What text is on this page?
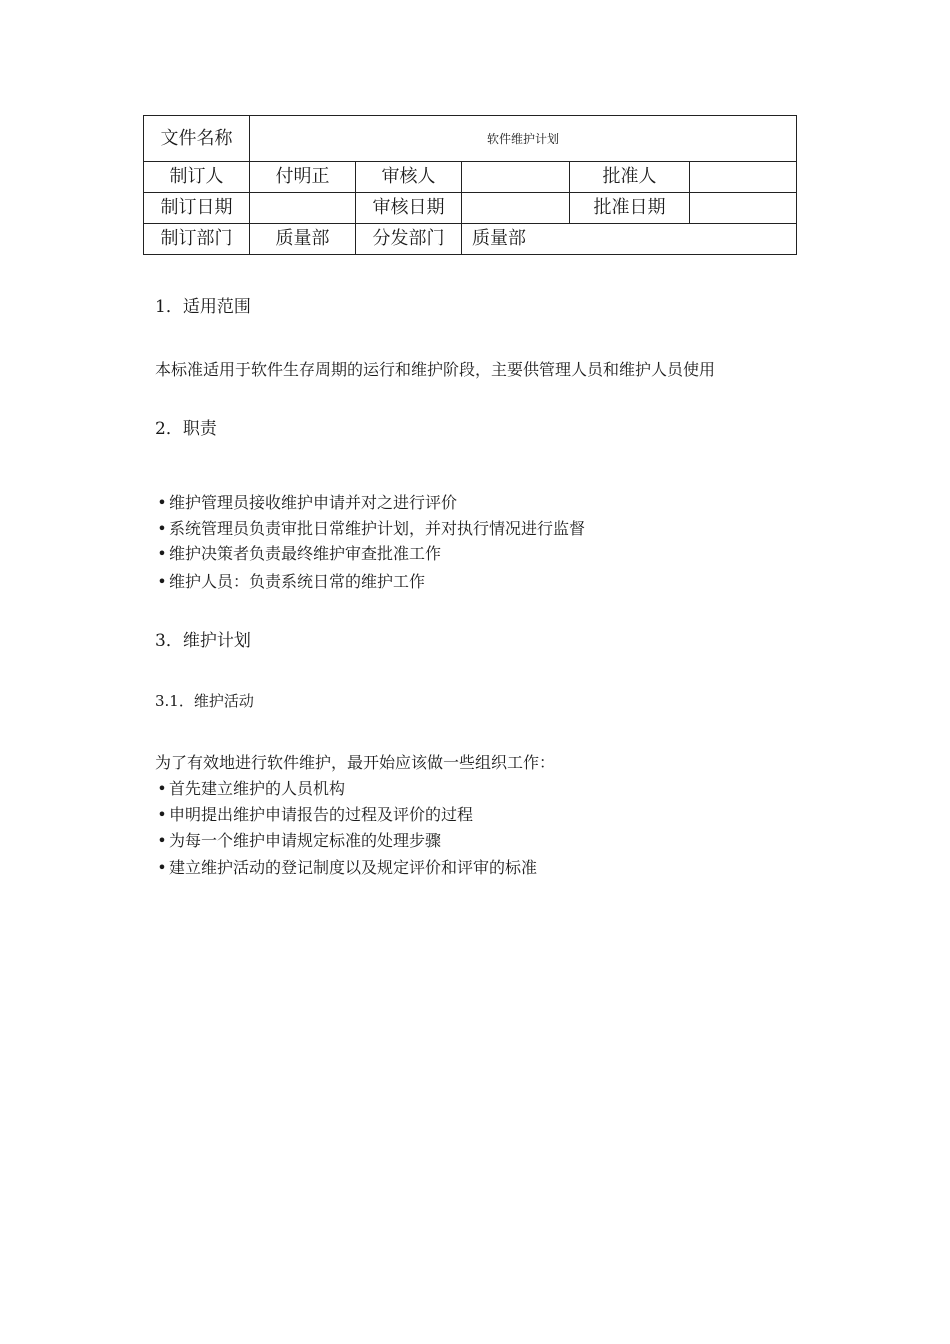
文件名称	软件维护计划				
制订人	付明正	审核人		批准人	
制订日期		审核日期		批准日期	
制订部门	质量部	分发部门	质量部		
1．适用范围
本标准适用于软件生存周期的运行和维护阶段，主要供管理人员和维护人员使用
2．职责
• 维护管理员接收维护申请并对之进行评价
• 系统管理员负责审批日常维护计划，并对执行情况进行监督
• 维护决策者负责最终维护审查批准工作
• 维护人员：负责系统日常的维护工作
3．维护计划
3.1．维护活动
为了有效地进行软件维护，最开始应该做一些组织工作：
• 首先建立维护的人员机构
• 申明提出维护申请报告的过程及评价的过程
• 为每一个维护申请规定标准的处理步骤
• 建立维护活动的登记制度以及规定评价和评审的标准
